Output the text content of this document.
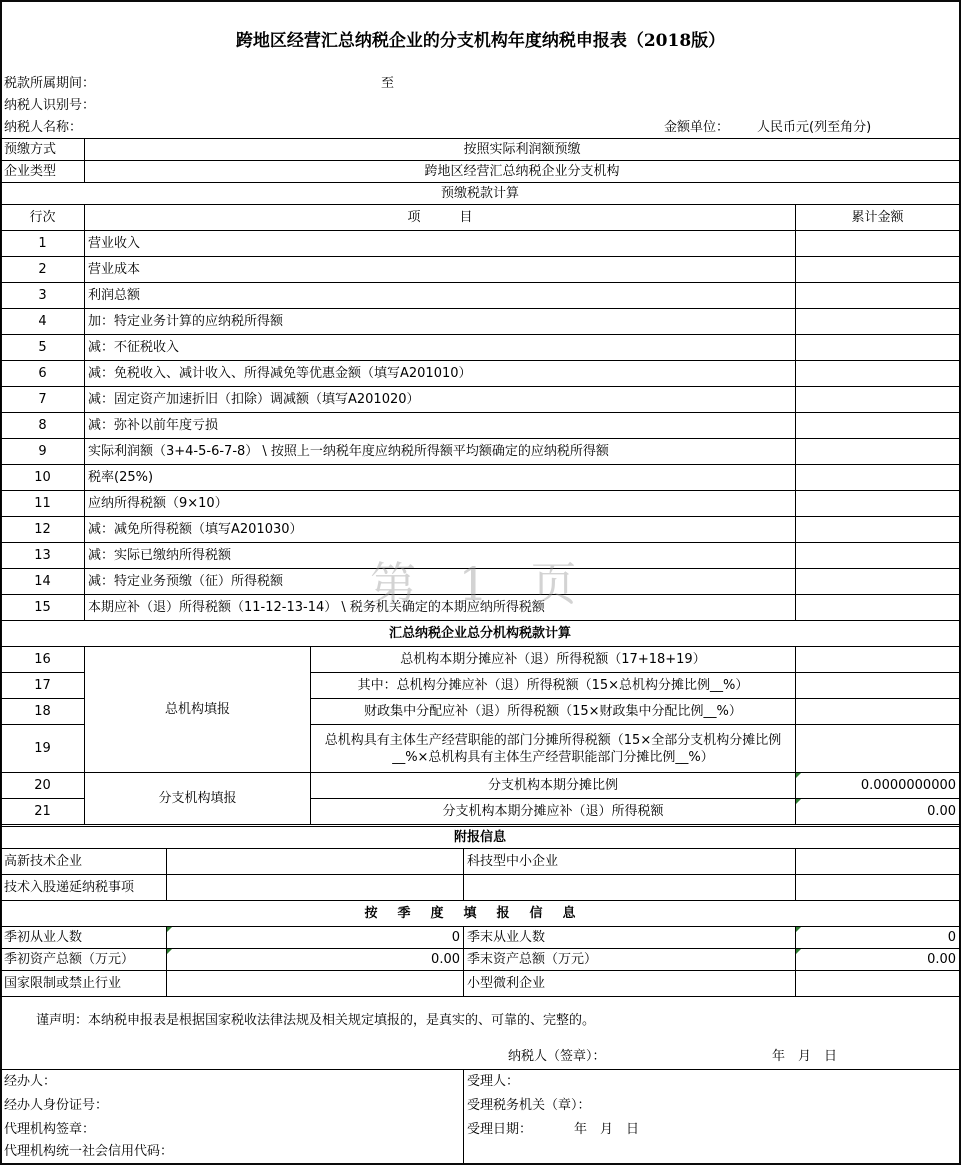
跨地区经营汇总纳税企业的分支机构年度纳税申报表（2018版）
税款所属期间：	至
纳税人识别号：
纳税人名称：	金额单位： 人民币元(列至角分)
预缴方式	按照实际利润额预缴	
企业类型	跨地区经营汇总纳税企业分支机构	
预缴税款计算		
行次	项　　　目	累计金额
1	营业收入	
2	营业成本	
3	利润总额	
4	加：特定业务计算的应纳税所得额	
5	减：不征税收入	
6	减：免税收入、减计收入、所得减免等优惠金额（填写A201010）	
7	减：固定资产加速折旧（扣除）调减额（填写A201020）	
8	减：弥补以前年度亏损	
9	实际利润额（3+4-5-6-7-8） \ 按照上一纳税年度应纳税所得额平均额确定的应纳税所得额	
10	税率(25%)	
11	应纳所得税额（9×10）	
12	减：减免所得税额（填写A201030）	
13	减：实际已缴纳所得税额	
14	减：特定业务预缴（征）所得税额	
15	本期应补（退）所得税额（11-12-13-14） \ 税务机关确定的本期应纳所得税额	
第 1 页
汇总纳税企业总分机构税款计算			
16	总机构填报	总机构本期分摊应补（退）所得税额（17+18+19）	
17		其中：总机构分摊应补（退）所得税额（15×总机构分摊比例__%）	
18		财政集中分配应补（退）所得税额（15×财政集中分配比例__%）	
19		总机构具有主体生产经营职能的部门分摊所得税额（15×全部分支机构分摊比例__%×总机构具有主体生产经营职能部门分摊比例__%）	
20	分支机构填报	分支机构本期分摊比例	0.0000000000
21		分支机构本期分摊应补（退）所得税额	0.00
附报信息			
高新技术企业		科技型中小企业	
技术入股递延纳税事项			
按季度填报信息			
季初从业人数	0	季末从业人数	0
季初资产总额（万元）	0.00	季末资产总额（万元）	0.00
国家限制或禁止行业		小型微利企业	
谨声明：本纳税申报表是根据国家税收法律法规及相关规定填报的，是真实的、可靠的、完整的。
纳税人（签章）：	年　月　日
经办人：
经办人身份证号：
代理机构签章：
代理机构统一社会信用代码：
受理人：
受理税务机关（章）：
受理日期：	年　月　日
